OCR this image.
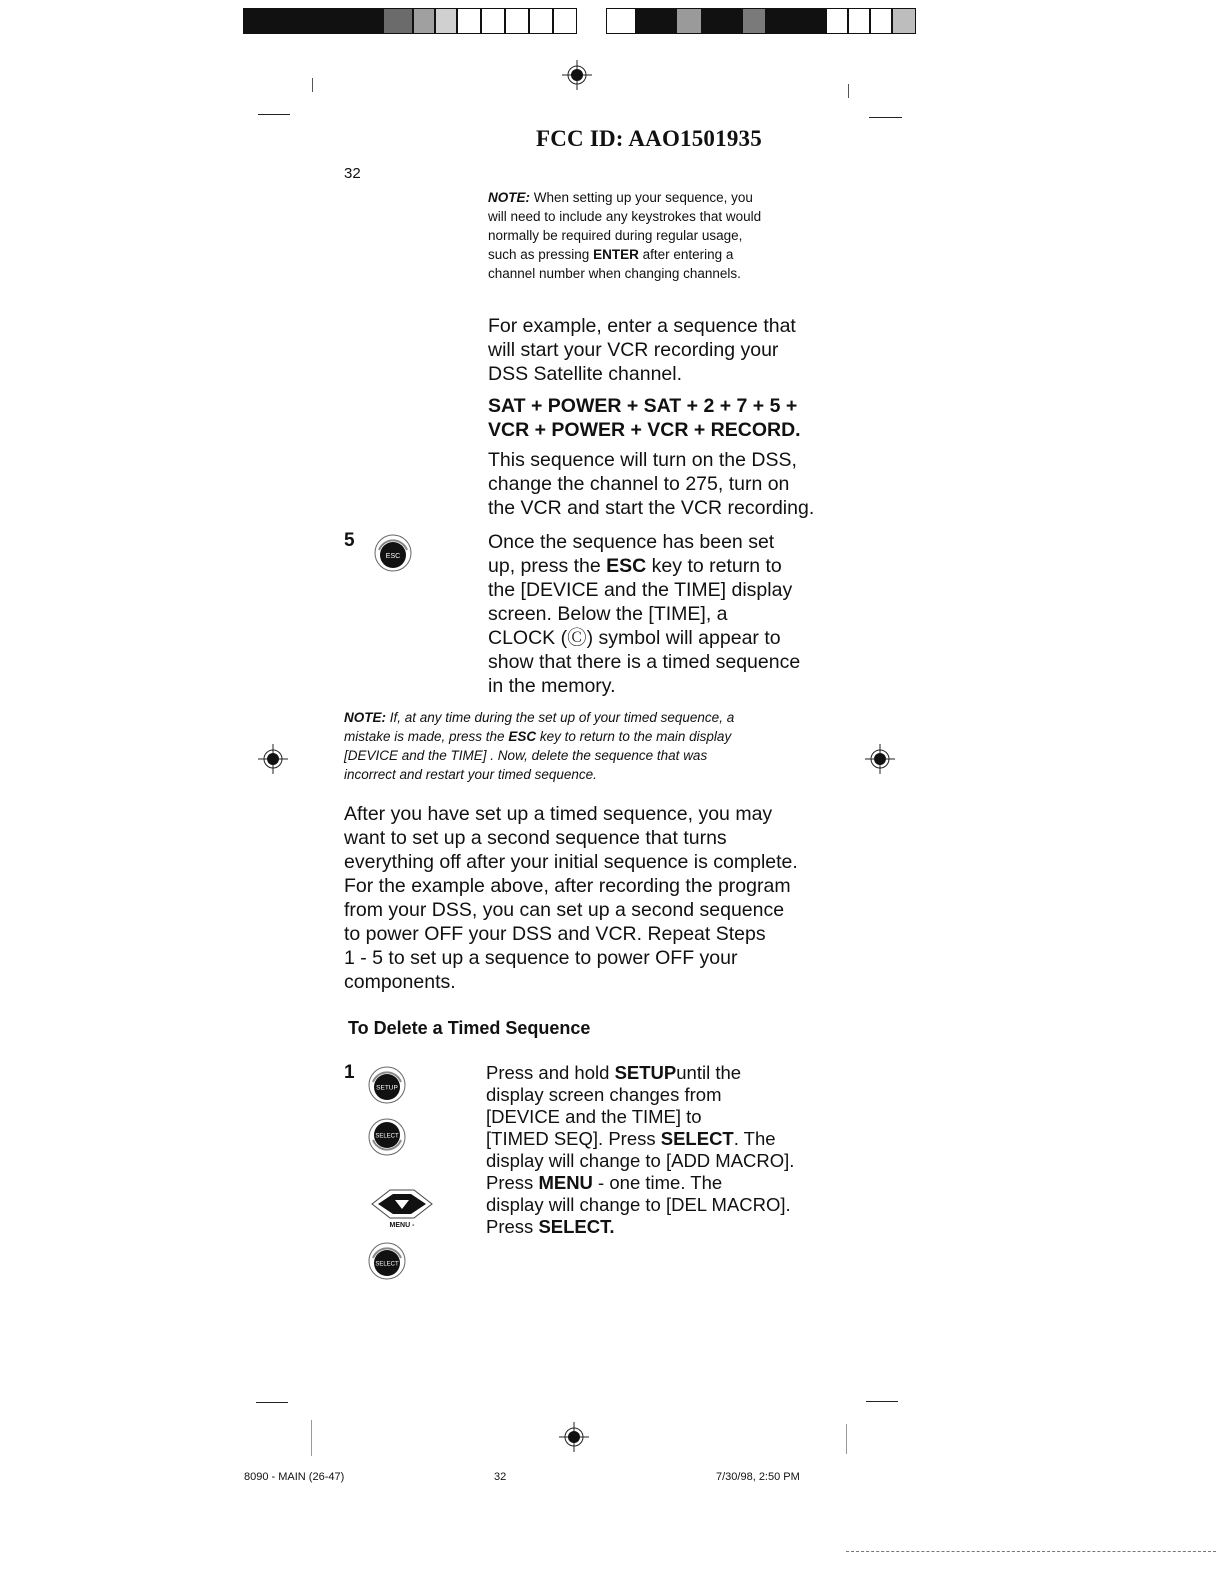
FCC ID: AAO1501935
32
NOTE: When setting up your sequence, you
will need to include any keystrokes that would
normally be required during regular usage,
such as pressing ENTER after entering a
channel number when changing channels.
For example, enter a sequence that
will start your VCR recording your
DSS Satellite channel.
SAT + POWER + SAT + 2 + 7 + 5 +
VCR + POWER + VCR + RECORD.
This sequence will turn on the DSS,
change the channel to 275, turn on
the VCR and start the VCR recording.
5
ESC
Once the sequence has been set
up, press the ESC key to return to
the [DEVICE and the TIME] display
screen. Below the [TIME], a
CLOCK (Ⓒ) symbol will appear to
show that there is a timed sequence
in the memory.
NOTE: If, at any time during the set up of your timed sequence, a
mistake is made, press the ESC key to return to the main display
[DEVICE and the TIME] . Now, delete the sequence that was
incorrect and restart your timed sequence.
After you have set up a timed sequence, you may
want to set up a second sequence that turns
everything off after your initial sequence is complete.
For the example above, after recording the program
from your DSS, you can set up a second sequence
to power OFF your DSS and VCR. Repeat Steps
1 - 5 to set up a sequence to power OFF your
components.
To Delete a Timed Sequence
1
SETUP
SELECT
MENU -
SELECT
Press and hold SETUPuntil the
display screen changes from
[DEVICE and the TIME] to
[TIMED SEQ]. Press SELECT. The
display will change to [ADD MACRO].
Press MENU - one time. The
display will change to [DEL MACRO].
Press SELECT.
8090 - MAIN (26-47)	32	7/30/98, 2:50 PM
